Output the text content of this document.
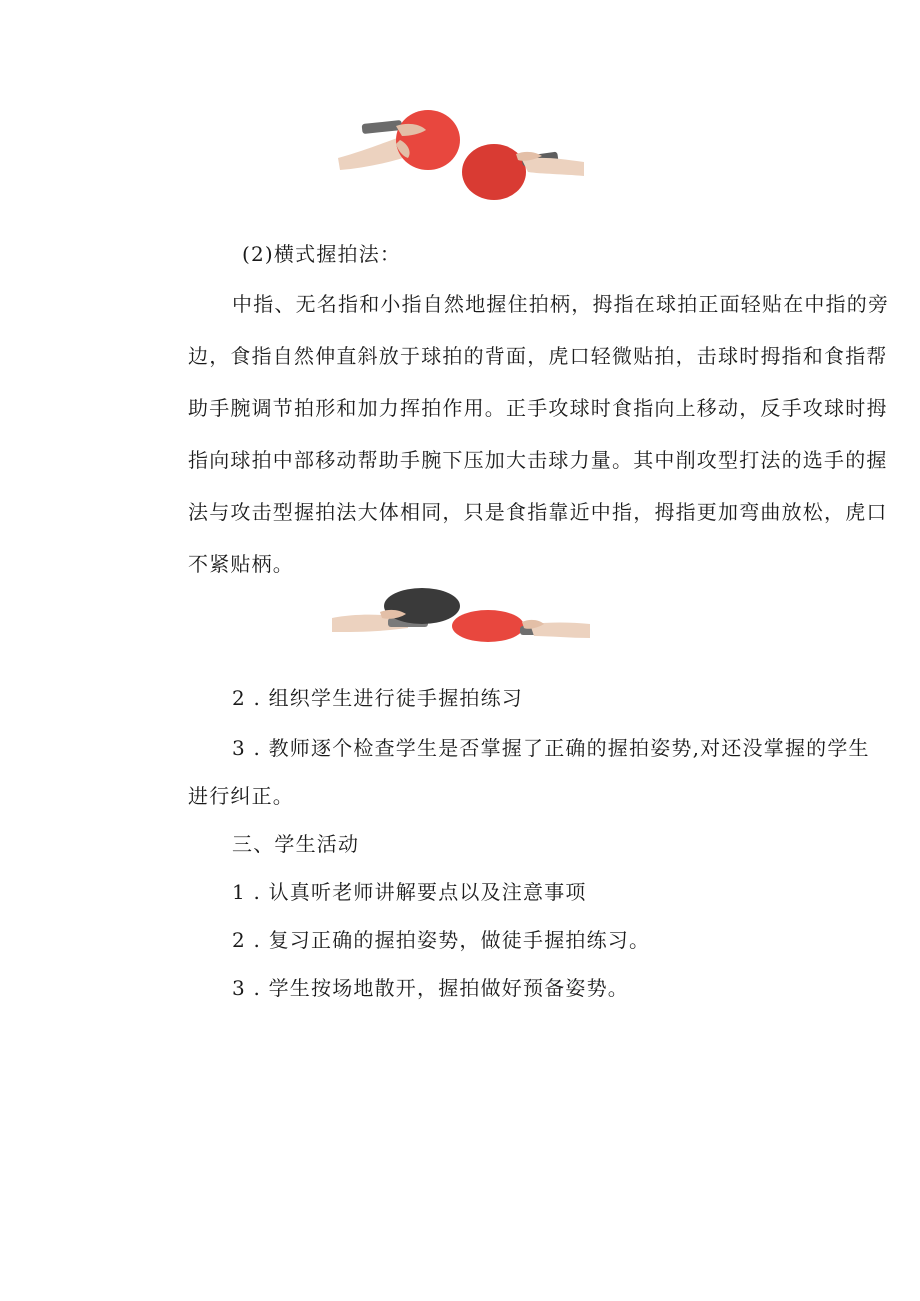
(2)横式握拍法：
中指、无名指和小指自然地握住拍柄，拇指在球拍正面轻贴在中指的旁
边，食指自然伸直斜放于球拍的背面，虎口轻微贴拍，击球时拇指和食指帮
助手腕调节拍形和加力挥拍作用。正手攻球时食指向上移动，反手攻球时拇
指向球拍中部移动帮助手腕下压加大击球力量。其中削攻型打法的选手的握
法与攻击型握拍法大体相同，只是食指靠近中指，拇指更加弯曲放松，虎口
不紧贴柄。
2 . 组织学生进行徒手握拍练习
3 . 教师逐个检查学生是否掌握了正确的握拍姿势,对还没掌握的学生
进行纠正。
三、学生活动
1 . 认真听老师讲解要点以及注意事项
2 . 复习正确的握拍姿势，做徒手握拍练习。
3 . 学生按场地散开，握拍做好预备姿势。
